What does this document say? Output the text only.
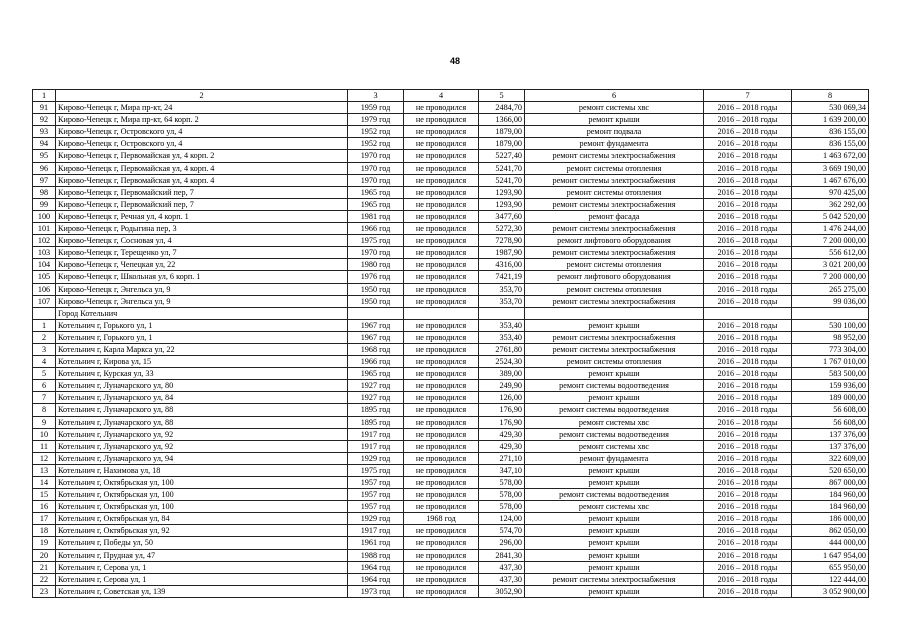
48
1	2	3	4	5	6	7	8
91	Кирово-Чепецк г, Мира пр-кт, 24	1959 год	не проводился	2484,70	ремонт системы хвс	2016 – 2018 годы	530 069,34
92	Кирово-Чепецк г, Мира пр-кт, 64 корп. 2	1979 год	не проводился	1366,00	ремонт крыши	2016 – 2018 годы	1 639 200,00
93	Кирово-Чепецк г, Островского ул, 4	1952 год	не проводился	1879,00	ремонт подвала	2016 – 2018 годы	836 155,00
94	Кирово-Чепецк г, Островского ул, 4	1952 год	не проводился	1879,00	ремонт фундамента	2016 – 2018 годы	836 155,00
95	Кирово-Чепецк г, Первомайская ул, 4 корп. 2	1970 год	не проводился	5227,40	ремонт системы электроснабжения	2016 – 2018 годы	1 463 672,00
96	Кирово-Чепецк г, Первомайская ул, 4 корп. 4	1970 год	не проводился	5241,70	ремонт системы отопления	2016 – 2018 годы	3 669 190,00
97	Кирово-Чепецк г, Первомайская ул, 4 корп. 4	1970 год	не проводился	5241,70	ремонт системы электроснабжения	2016 – 2018 годы	1 467 676,00
98	Кирово-Чепецк г, Первомайский пер, 7	1965 год	не проводился	1293,90	ремонт системы отопления	2016 – 2018 годы	970 425,00
99	Кирово-Чепецк г, Первомайский пер, 7	1965 год	не проводился	1293,90	ремонт системы электроснабжения	2016 – 2018 годы	362 292,00
100	Кирово-Чепецк г, Речная ул, 4 корп. 1	1981 год	не проводился	3477,60	ремонт фасада	2016 – 2018 годы	5 042 520,00
101	Кирово-Чепецк г, Родыгина пер, 3	1966 год	не проводился	5272,30	ремонт системы электроснабжения	2016 – 2018 годы	1 476 244,00
102	Кирово-Чепецк г, Сосновая ул, 4	1975 год	не проводился	7278,90	ремонт лифтового оборудования	2016 – 2018 годы	7 200 000,00
103	Кирово-Чепецк г, Терещенко ул, 7	1970 год	не проводился	1987,90	ремонт системы электроснабжения	2016 – 2018 годы	556 612,00
104	Кирово-Чепецк г, Чепецкая ул, 22	1980 год	не проводился	4316,00	ремонт системы отопления	2016 – 2018 годы	3 021 200,00
105	Кирово-Чепецк г, Школьная ул, 6 корп. 1	1976 год	не проводился	7421,19	ремонт лифтового оборудования	2016 – 2018 годы	7 200 000,00
106	Кирово-Чепецк г, Энгельса ул, 9	1950 год	не проводился	353,70	ремонт системы отопления	2016 – 2018 годы	265 275,00
107	Кирово-Чепецк г, Энгельса ул, 9	1950 год	не проводился	353,70	ремонт системы электроснабжения	2016 – 2018 годы	99 036,00
	Город Котельнич						
1	Котельнич г, Горького ул, 1	1967 год	не проводился	353,40	ремонт крыши	2016 – 2018 годы	530 100,00
2	Котельнич г, Горького ул, 1	1967 год	не проводился	353,40	ремонт системы электроснабжения	2016 – 2018 годы	98 952,00
3	Котельнич г, Карла Маркса ул, 22	1968 год	не проводился	2761,80	ремонт системы электроснабжения	2016 – 2018 годы	773 304,00
4	Котельнич г, Кирова ул, 15	1966 год	не проводился	2524,30	ремонт системы отопления	2016 – 2018 годы	1 767 010,00
5	Котельнич г, Курская ул, 33	1965 год	не проводился	389,00	ремонт крыши	2016 – 2018 годы	583 500,00
6	Котельнич г, Луначарского ул, 80	1927 год	не проводился	249,90	ремонт системы водоотведения	2016 – 2018 годы	159 936,00
7	Котельнич г, Луначарского ул, 84	1927 год	не проводился	126,00	ремонт крыши	2016 – 2018 годы	189 000,00
8	Котельнич г, Луначарского ул, 88	1895 год	не проводился	176,90	ремонт системы водоотведения	2016 – 2018 годы	56 608,00
9	Котельнич г, Луначарского ул, 88	1895 год	не проводился	176,90	ремонт системы хвс	2016 – 2018 годы	56 608,00
10	Котельнич г, Луначарского ул, 92	1917 год	не проводился	429,30	ремонт системы водоотведения	2016 – 2018 годы	137 376,00
11	Котельнич г, Луначарского ул, 92	1917 год	не проводился	429,30	ремонт системы хвс	2016 – 2018 годы	137 376,00
12	Котельнич г, Луначарского ул, 94	1929 год	не проводился	271,10	ремонт фундамента	2016 – 2018 годы	322 609,00
13	Котельнич г, Нахимова ул, 18	1975 год	не проводился	347,10	ремонт крыши	2016 – 2018 годы	520 650,00
14	Котельнич г, Октябрьская ул, 100	1957 год	не проводился	578,00	ремонт крыши	2016 – 2018 годы	867 000,00
15	Котельнич г, Октябрьская ул, 100	1957 год	не проводился	578,00	ремонт системы водоотведения	2016 – 2018 годы	184 960,00
16	Котельнич г, Октябрьская ул, 100	1957 год	не проводился	578,00	ремонт системы хвс	2016 – 2018 годы	184 960,00
17	Котельнич г, Октябрьская ул, 84	1929 год	1968 год	124,00	ремонт крыши	2016 – 2018 годы	186 000,00
18	Котельнич г, Октябрьская ул, 92	1917 год	не проводился	574,70	ремонт крыши	2016 – 2018 годы	862 050,00
19	Котельнич г, Победы ул, 50	1961 год	не проводился	296,00	ремонт крыши	2016 – 2018 годы	444 000,00
20	Котельнич г, Прудная ул, 47	1988 год	не проводился	2841,30	ремонт крыши	2016 – 2018 годы	1 647 954,00
21	Котельнич г, Серова ул, 1	1964 год	не проводился	437,30	ремонт крыши	2016 – 2018 годы	655 950,00
22	Котельнич г, Серова ул, 1	1964 год	не проводился	437,30	ремонт системы электроснабжения	2016 – 2018 годы	122 444,00
23	Котельнич г, Советская ул, 139	1973 год	не проводился	3052,90	ремонт крыши	2016 – 2018 годы	3 052 900,00
